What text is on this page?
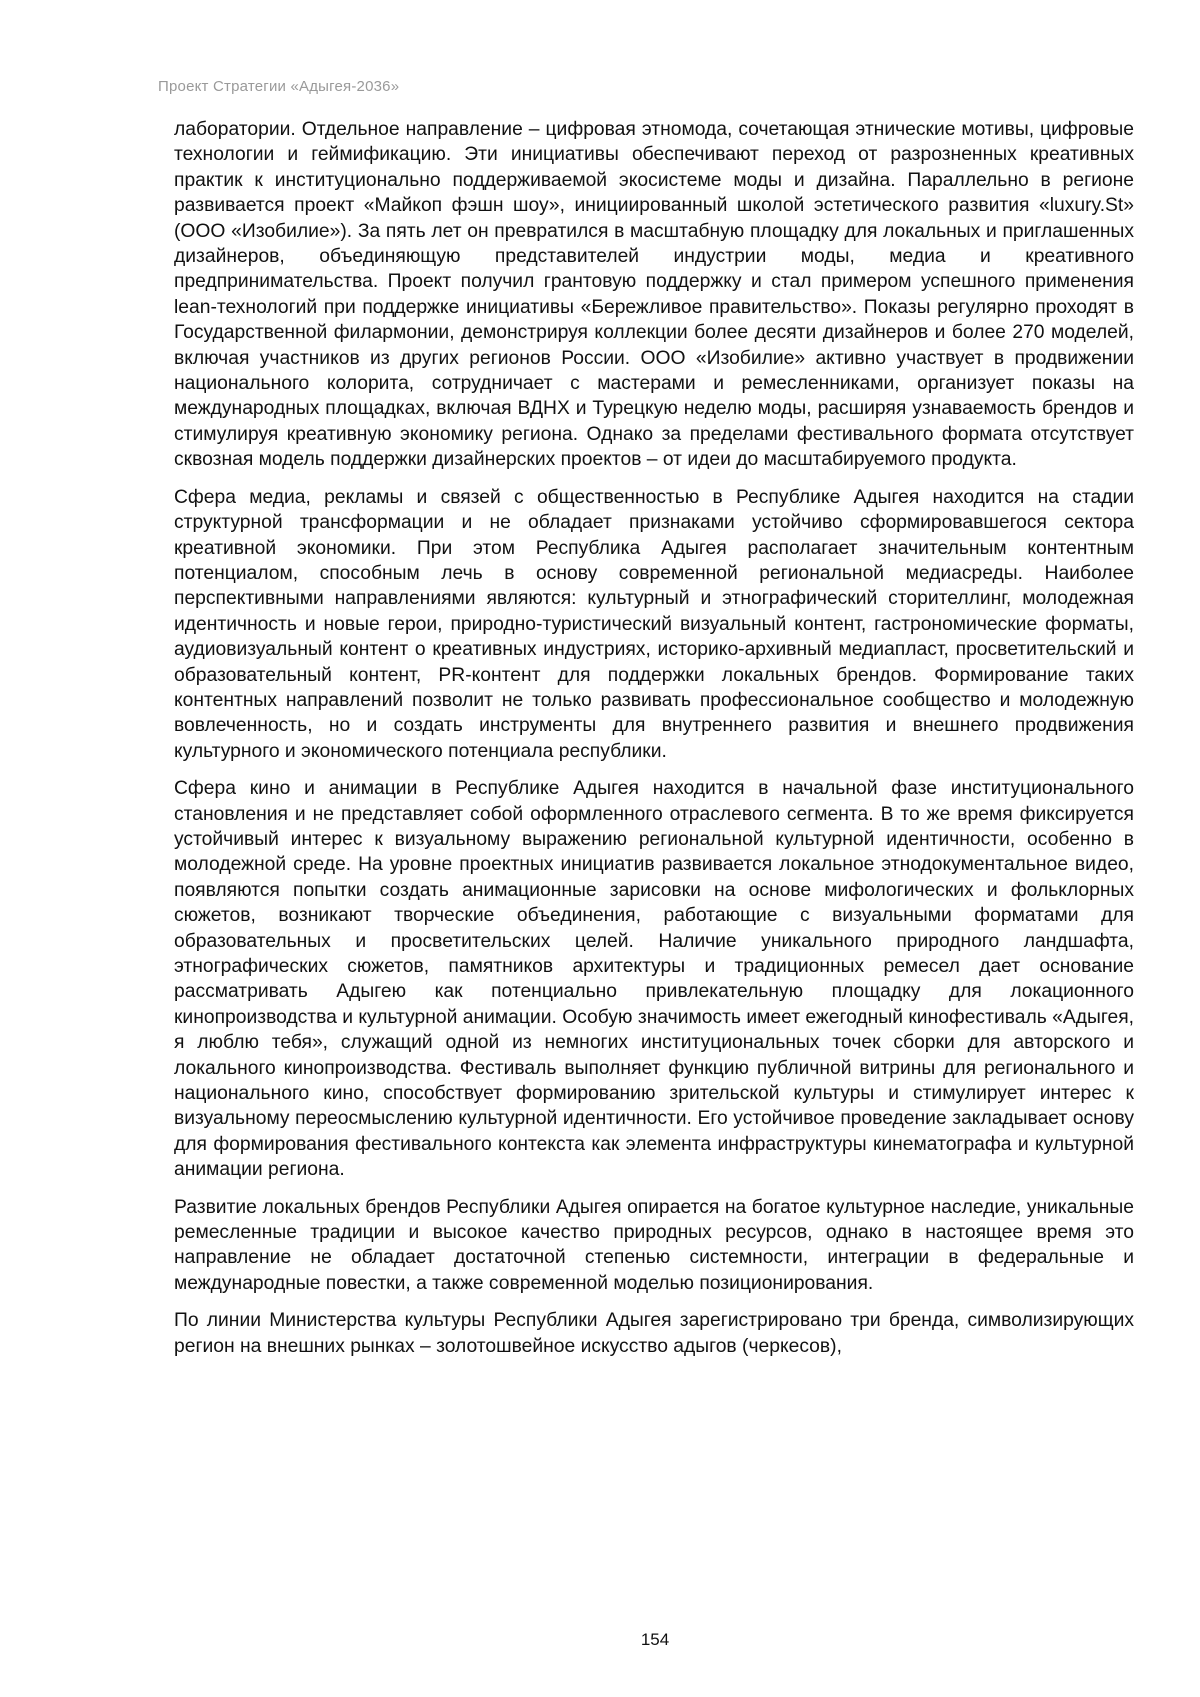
Проект Стратегии «Адыгея-2036»

лаборатории. Отдельное направление – цифровая этномода, сочетающая этнические мотивы, цифровые технологии и геймификацию. Эти инициативы обеспечивают переход от разрозненных креативных практик к институционально поддерживаемой экосистеме моды и дизайна. Параллельно в регионе развивается проект «Майкоп фэшн шоу», инициированный школой эстетического развития «luxury.St» (ООО «Изобилие»). За пять лет он превратился в масштабную площадку для локальных и приглашенных дизайнеров, объединяющую представителей индустрии моды, медиа и креативного предпринимательства. Проект получил грантовую поддержку и стал примером успешного применения lean-технологий при поддержке инициативы «Бережливое правительство». Показы регулярно проходят в Государственной филармонии, демонстрируя коллекции более десяти дизайнеров и более 270 моделей, включая участников из других регионов России. ООО «Изобилие» активно участвует в продвижении национального колорита, сотрудничает с мастерами и ремесленниками, организует показы на международных площадках, включая ВДНХ и Турецкую неделю моды, расширяя узнаваемость брендов и стимулируя креативную экономику региона. Однако за пределами фестивального формата отсутствует сквозная модель поддержки дизайнерских проектов – от идеи до масштабируемого продукта.

Сфера медиа, рекламы и связей с общественностью в Республике Адыгея находится на стадии структурной трансформации и не обладает признаками устойчиво сформировавшегося сектора креативной экономики. При этом Республика Адыгея располагает значительным контентным потенциалом, способным лечь в основу современной региональной медиасреды. Наиболее перспективными направлениями являются: культурный и этнографический сторителлинг, молодежная идентичность и новые герои, природно-туристический визуальный контент, гастрономические форматы, аудиовизуальный контент о креативных индустриях, историко-архивный медиапласт, просветительский и образовательный контент, PR-контент для поддержки локальных брендов. Формирование таких контентных направлений позволит не только развивать профессиональное сообщество и молодежную вовлеченность, но и создать инструменты для внутреннего развития и внешнего продвижения культурного и экономического потенциала республики.

Сфера кино и анимации в Республике Адыгея находится в начальной фазе институционального становления и не представляет собой оформленного отраслевого сегмента. В то же время фиксируется устойчивый интерес к визуальному выражению региональной культурной идентичности, особенно в молодежной среде. На уровне проектных инициатив развивается локальное этнодокументальное видео, появляются попытки создать анимационные зарисовки на основе мифологических и фольклорных сюжетов, возникают творческие объединения, работающие с визуальными форматами для образовательных и просветительских целей. Наличие уникального природного ландшафта, этнографических сюжетов, памятников архитектуры и традиционных ремесел дает основание рассматривать Адыгею как потенциально привлекательную площадку для локационного кинопроизводства и культурной анимации. Особую значимость имеет ежегодный кинофестиваль «Адыгея, я люблю тебя», служащий одной из немногих институциональных точек сборки для авторского и локального кинопроизводства. Фестиваль выполняет функцию публичной витрины для регионального и национального кино, способствует формированию зрительской культуры и стимулирует интерес к визуальному переосмыслению культурной идентичности. Его устойчивое проведение закладывает основу для формирования фестивального контекста как элемента инфраструктуры кинематографа и культурной анимации региона.

Развитие локальных брендов Республики Адыгея опирается на богатое культурное наследие, уникальные ремесленные традиции и высокое качество природных ресурсов, однако в настоящее время это направление не обладает достаточной степенью системности, интеграции в федеральные и международные повестки, а также современной моделью позиционирования.

По линии Министерства культуры Республики Адыгея зарегистрировано три бренда, символизирующих регион на внешних рынках – золотошвейное искусство адыгов (черкесов),

154
